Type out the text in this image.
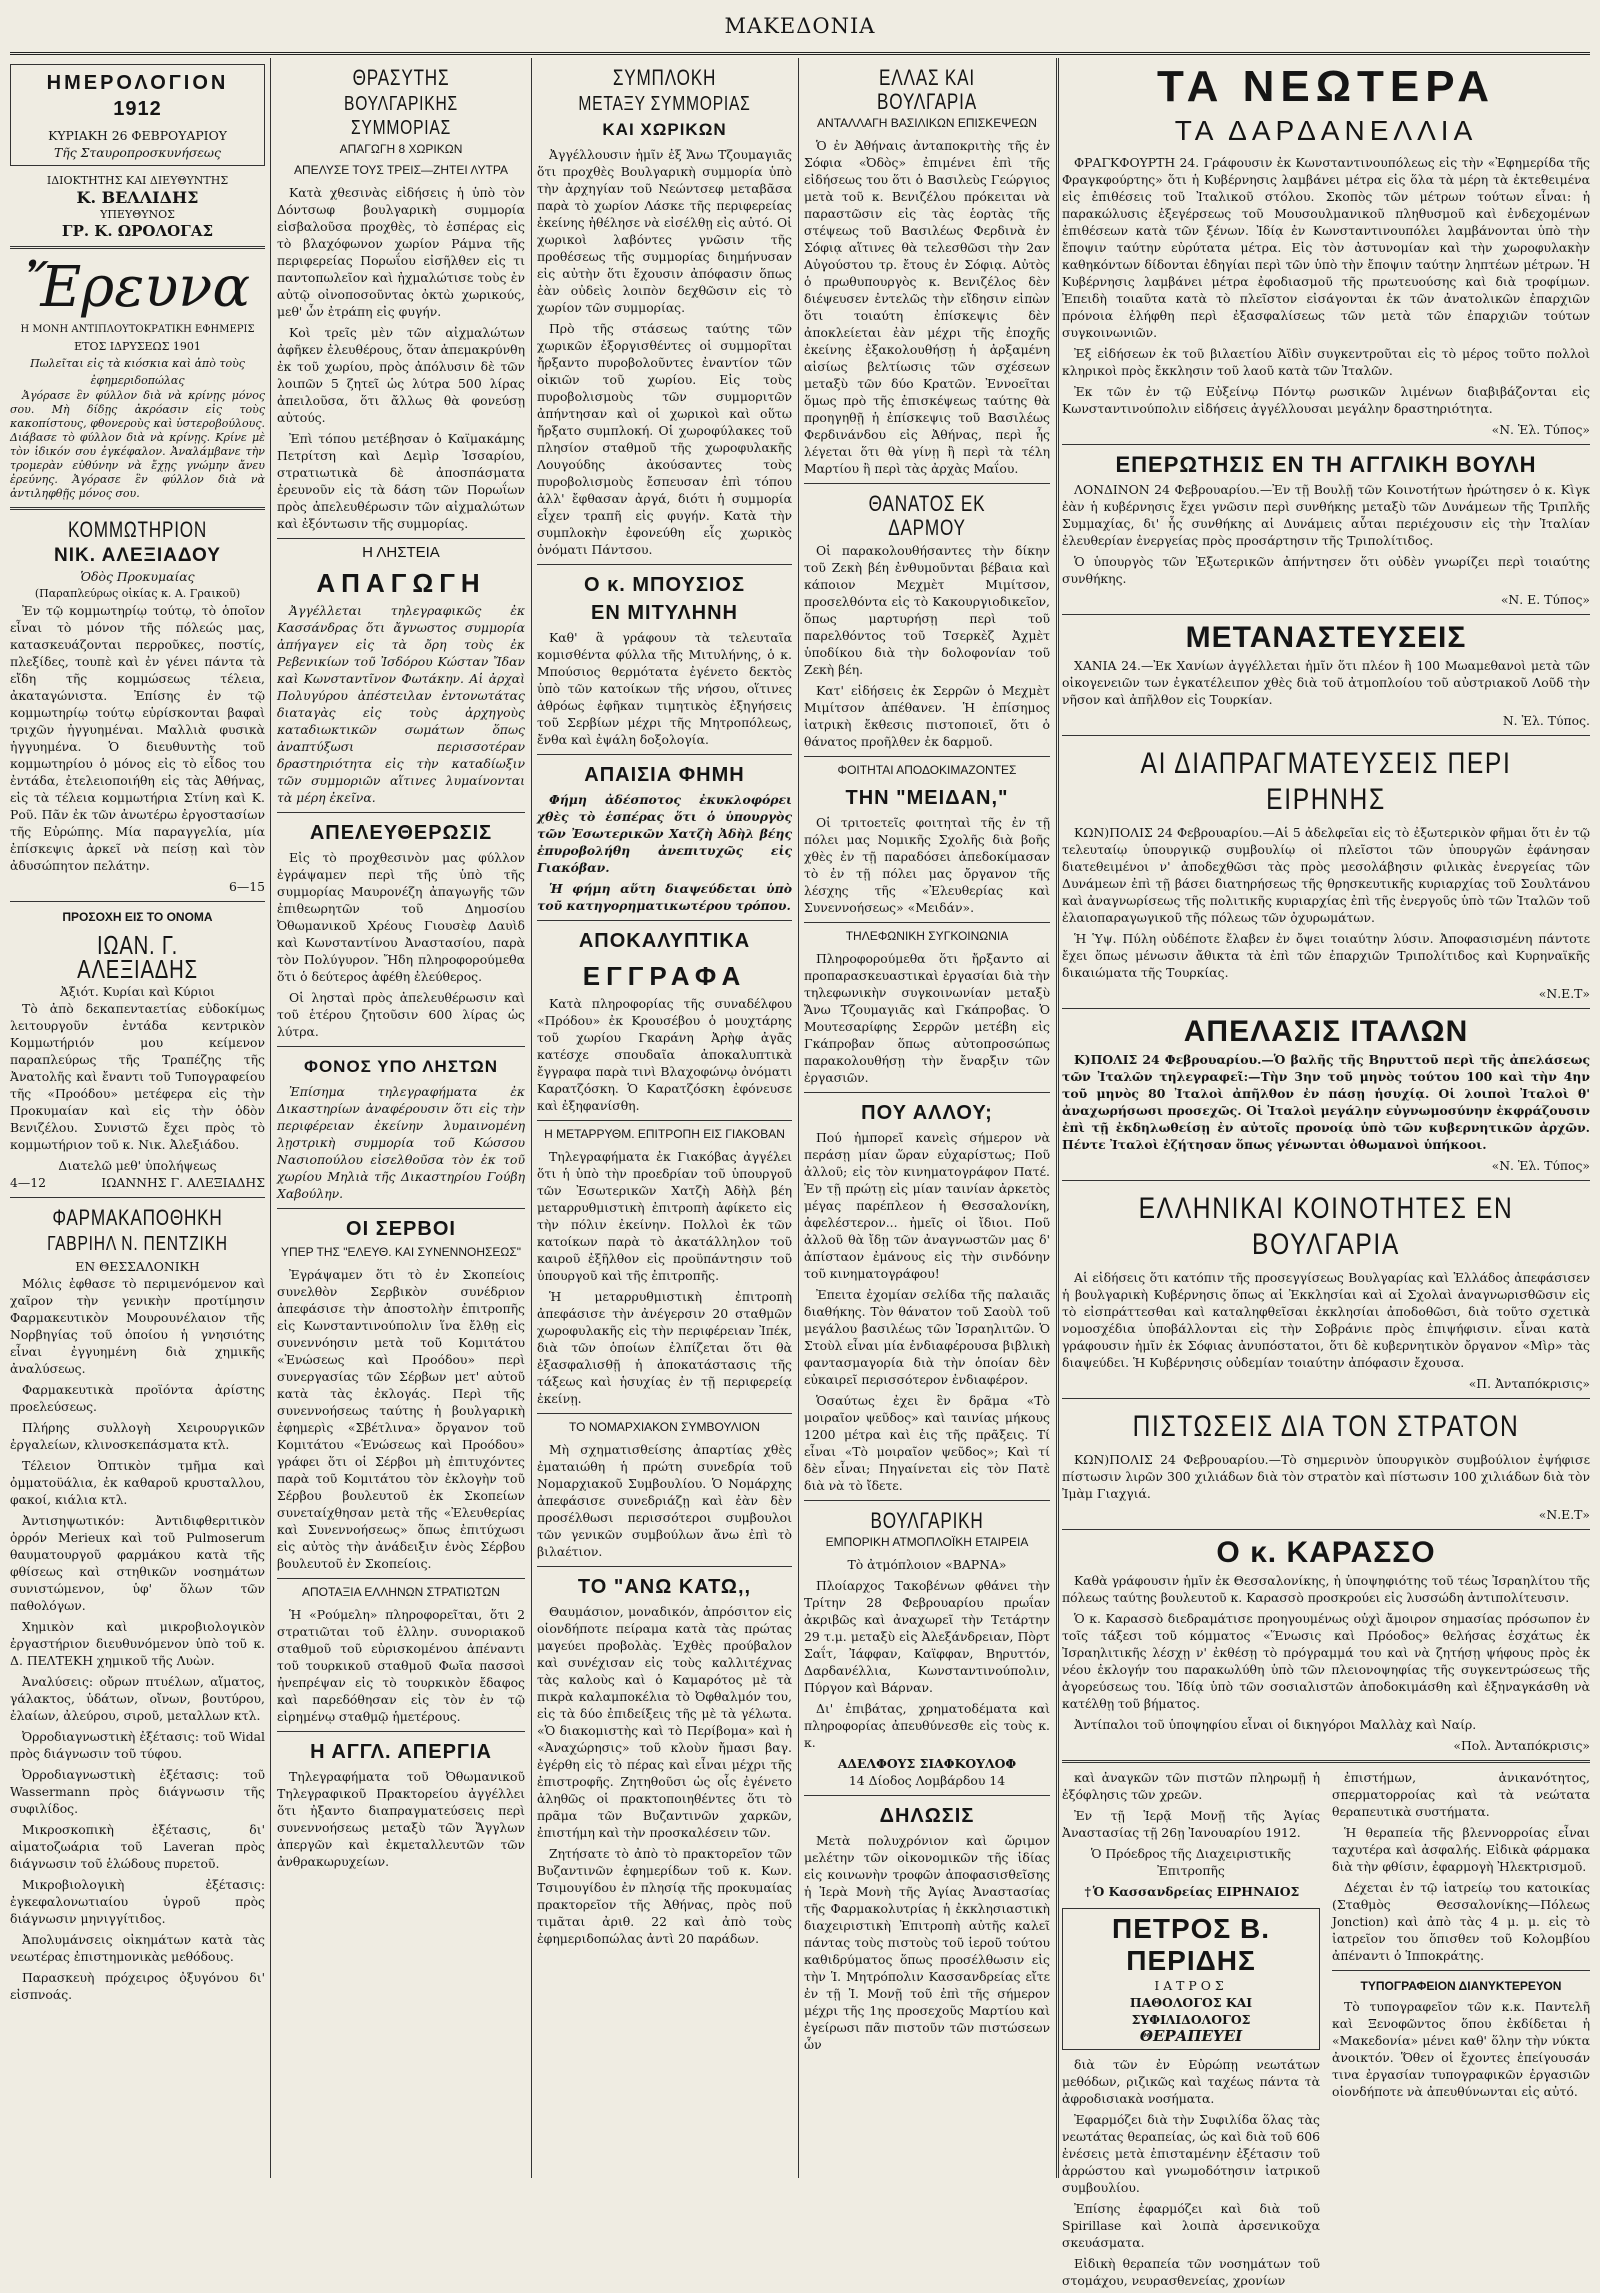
ΜΑΚΕΔΟΝΙΑ
ΗΜΕΡΟΛΟΓΙΟΝ
1912
ΚΥΡΙΑΚΗ 26 ΦΕΒΡΟΥΑΡΙΟΥ
Τῆς Σταυροπροσκυνήσεως
ΙΔΙΟΚΤΗΤΗΣ ΚΑΙ ΔΙΕΥΘΥΝΤΗΣ
Κ. ΒΕΛΛΙΔΗΣ
ΥΠΕΥΘΥΝΟΣ
ΓΡ. Κ. ΩΡΟΛΟΓΑΣ
Ἔρευνα
Η ΜΟΝΗ ΑΝΤΙΠΛΟΥΤΟΚΡΑΤΙΚΗ ΕΦΗΜΕΡΙΣ
ΕΤΟΣ ΙΔΡΥΣΕΩΣ 1901
Πωλεῖται εἰς τὰ κιόσκια καὶ ἀπὸ τοὺς ἐφημεριδοπώλας

Ἀγόρασε ἓν φύλλον διὰ νὰ κρίνῃς μόνος σου. Μὴ δίδῃς ἀκρόασιν εἰς τοὺς κακοπίστους, φθονεροὺς καὶ ὑστεροβούλους. Διάβασε τὸ φύλλον διὰ νὰ κρίνῃς. Κρίνε μὲ τὸν ἰδικόν σου ἐγκέφαλον. Ἀναλάμβανε τὴν τρομερὰν εὐθύνην νὰ ἔχῃς γνώμην ἄνευ ἐρεύνης. Ἀγόρασε ἓν φύλλον διὰ νὰ ἀντιληφθῇς μόνος σου.

ΚΟΜΜΩΤΗΡΙΟΝ
ΝΙΚ. ΑΛΕΞΙΑΔΟΥ
Ὁδὸς Προκυμαίας
(Παραπλεύρως οἰκίας κ. Α. Γραικοῦ)

Ἐν τῷ κομμωτηρίῳ τούτῳ, τὸ ὁποῖον εἶναι τὸ μόνον τῆς πόλεώς μας, κατασκευάζονται περροῦκες, ποστίς, πλεξίδες, τουπὲ καὶ ἐν γένει πάντα τὰ εἴδη τῆς κομμώσεως τέλεια, ἀκαταγώνιστα. Ἐπίσης ἐν τῷ κομμωτηρίῳ τούτῳ εὑρίσκονται βαφαὶ τριχῶν ἠγγυημέναι. Μαλλιὰ φυσικὰ ἠγγυημένα. Ὁ διευθυντὴς τοῦ κομμωτηρίου ὁ μόνος εἰς τὸ εἶδος του ἐντάδα, ἐτελειοποιήθη εἰς τὰς Ἀθήνας, εἰς τὰ τέλεια κομμωτήρια Στίνη καὶ Κ. Ροῦ. Πᾶν ἐκ τῶν ἀνωτέρω ἐργοστασίων τῆς Εὐρώπης. Μία παραγγελία, μία ἐπίσκεψις ἀρκεῖ νὰ πείσῃ καὶ τὸν ἀδυσώπητον πελάτην.

6—15
ΠΡΟΣΟΧΗ ΕΙΣ ΤΟ ΟΝΟΜΑ
ΙΩΑΝ. Γ. ΑΛΕΞΙΑΔΗΣ
Ἀξιότ. Κυρίαι καὶ Κύριοι

Τὸ ἀπὸ δεκαπενταετίας εὐδοκίμως λειτουργοῦν ἐντάδα κεντρικὸν Κομμωτήριόν μου κείμενον παραπλεύρως τῆς Τραπέζης τῆς Ἀνατολῆς καὶ ἔναντι τοῦ Τυπογραφείου τῆς «Προόδου» μετέφερα εἰς τὴν Προκυμαίαν καὶ εἰς τὴν ὁδὸν Βενιζέλου. Συνιστῶ ἔχει πρὸς τὸ κομμωτήριον τοῦ κ. Νικ. Ἀλεξιάδου.

Διατελῶ μεθ' ὑπολήψεως
4—12	ΙΩΑΝΝΗΣ Γ. ΑΛΕΞΙΑΔΗΣ
ΦΑΡΜΑΚΑΠΟΘΗΚΗ
ΓΑΒΡΙΗΛ Ν. ΠΕΝΤΖΙΚΗ
ΕΝ ΘΕΣΣΑΛΟΝΙΚΗ

Μόλις ἐφθασε τὸ περιμενόμενον καὶ χαῖρον τὴν γενικὴν προτίμησιν Φαρμακευτικὸν Μουρουνέλαιον τῆς Νορβηγίας τοῦ ὁποίου ἡ γνησιότης εἶναι ἐγγυημένη διὰ χημικῆς ἀναλύσεως.

Φαρμακευτικὰ προϊόντα ἀρίστης προελεύσεως.

Πλήρης συλλογὴ Χειρουργικῶν ἐργαλείων, κλινοσκεπάσματα κτλ.

Τέλειον Ὀπτικὸν τμῆμα καὶ ὀμματοϋάλια, ἐκ καθαροῦ κρυσταλλου, φακοί, κιάλια κτλ.

Ἀντισηψωτικόν: Ἀντιδιφθεριτικὸν ὀρρόν Merieux καὶ τοῦ Pulmoserum θαυματουργοῦ φαρμάκου κατὰ τῆς φθίσεως καὶ στηθικῶν νοσημάτων συνιστώμενον, ὑφ' ὅλων τῶν παθολόγων.

Χημικὸν καὶ μικροβιολογικὸν ἐργαστήριον διευθυνόμενον ὑπὸ τοῦ κ. Δ. ΠΕΛΤΕΚΗ χημικοῦ τῆς Λυὼν.

Ἀναλύσεις: οὔρων πτυέλων, αἵματος, γάλακτος, ὑδάτων, οἴνων, βουτύρου, ἐλαίων, ἀλεύρου, σιροῦ, μεταλλων κτλ.

Ὀρροδιαγνωστικὴ ἐξέτασις: τοῦ Widal πρὸς διάγνωσιν τοῦ τύφου.

Ὀρροδιαγνωστικὴ ἐξέτασις: τοῦ Wassermann πρὸς διάγνωσιν τῆς συφιλίδος.

Μικροσκοπικὴ ἐξέτασις, δι' αἱματοζωάρια τοῦ Laveran πρὸς διάγνωσιν τοῦ ἑλώδους πυρετοῦ.

Μικροβιολογικὴ ἐξέτασις: ἐγκεφαλονωτιαίου ὑγροῦ πρὸς διάγνωσιν μηνιγγίτιδος.

Ἀπολυμάνσεις οἰκημάτων κατὰ τὰς νεωτέρας ἐπιστημονικὰς μεθόδους.

Παρασκευὴ πρόχειρος ὀξυγόνου δι' εἰσπνοάς.

ΘΡΑΣΥΤΗΣ
ΒΟΥΛΓΑΡΙΚΗΣ ΣΥΜΜΟΡΙΑΣ
ΑΠΑΓΩΓΗ 8 ΧΩΡΙΚΩΝ
ΑΠΕΛΥΣΕ ΤΟΥΣ ΤΡΕΙΣ—ΖΗΤΕΙ ΛΥΤΡΑ

Κατὰ χθεσινὰς εἰδήσεις ἡ ὑπὸ τὸν Δόντσωφ βουλγαρικὴ συμμορία εἰσβαλοῦσα προχθὲς, τὸ ἑσπέρας εἰς τὸ βλαχόφωνον χωρίον Ράμνα τῆς περιφερείας Πορωΐου εἰσῆλθεν εἰς τι παντοπωλεῖον καὶ ἠχμαλώτισε τοὺς ἐν αὐτῷ οἰνοποσοῦντας ὀκτὼ χωρικούς, μεθ' ὧν ἐτράπη εἰς φυγήν.

Κοὶ τρεῖς μὲν τῶν αἰχμαλώτων ἀφῆκεν ἐλευθέρους, ὅταν ἀπεμακρύνθη ἐκ τοῦ χωρίου, πρὸς ἀπόλυσιν δὲ τῶν λοιπῶν 5 ζητεῖ ὡς λύτρα 500 λίρας ἀπειλοῦσα, ὅτι ἄλλως θὰ φονεύσῃ αὐτούς.

Ἐπὶ τόπου μετέβησαν ὁ Καϊμακάμης Πετρίτση καὶ Δεμὶρ Ἰσσαρίου, στρατιωτικὰ δὲ ἀποσπάσματα ἐρευνοῦν εἰς τὰ δάση τῶν Πορωΐων πρὸς ἀπελευθέρωσιν τῶν αἰχμαλώτων καὶ ἐξόντωσιν τῆς συμμορίας.

Η ΛΗΣΤΕΙΑ
ΑΠΑΓΩΓΗ

Ἀγγέλλεται τηλεγραφικῶς ἐκ Κασσάνδρας ὅτι ἄγνωστος συμμορία ἀπήγαγεν εἰς τὰ ὄρη τοὺς ἐκ Ρεβενικίων τοῦ Ἰσδόρου Κώσταν Ἴδαν καὶ Κωνσταντῖνον Φωτάκην. Αἱ ἀρχαὶ Πολυγύρου ἀπέστειλαν ἐντονωτάτας διαταγὰς εἰς τοὺς ἀρχηγοὺς καταδιωκτικῶν σωμάτων ὅπως ἀναπτύξωσι περισσοτέραν δραστηριότητα εἰς τὴν καταδίωξιν τῶν συμμοριῶν αἵτινες λυμαίνονται τὰ μέρη ἐκεῖνα.

ΑΠΕΛΕΥΘΕΡΩΣΙΣ

Εἰς τὸ προχθεσινὸν μας φύλλον ἐγράψαμεν περὶ τῆς ὑπὸ τῆς συμμορίας Μαυρονέζη ἀπαγωγῆς τῶν ἐπιθεωρητῶν τοῦ Δημοσίου Ὀθωμανικοῦ Χρέους Γιουσὲφ Δαυὶδ καὶ Κωνσταντίνου Ἀναστασίου, παρὰ τὸν Πολύγυρον. Ἤδη πληροφορούμεθα ὅτι ὁ δεύτερος ἀφέθη ἐλεύθερος.

Οἱ λησταὶ πρὸς ἀπελευθέρωσιν καὶ τοῦ ἑτέρου ζητοῦσιν 600 λίρας ὡς λύτρα.

ΦΟΝΟΣ ΥΠΟ ΛΗΣΤΩΝ

Ἐπίσημα τηλεγραφήματα ἐκ Δικαστηρίων ἀναφέρουσιν ὅτι εἰς τὴν περιφέρειαν ἐκείνην λυμαινομένη λῃστρικὴ συμμορία τοῦ Κώσσου Νασιοπούλου εἰσελθοῦσα τὸν ἐκ τοῦ χωρίου Μηλιὰ τῆς Δικαστηρίου Γούβη Χαβούλην.

ΟΙ ΣΕΡΒΟΙ
ΥΠΕΡ ΤΗΣ "ΕΛΕΥΘ. ΚΑΙ ΣΥΝΕΝΝΟΗΣΕΩΣ"

Ἐγράψαμεν ὅτι τὸ ἐν Σκοπείοις συνελθὸν Σερβικὸν συνέδριον ἀπεφάσισε τὴν ἀποστολὴν ἐπιτροπῆς εἰς Κωνσταντινούπολιν ἵνα ἔλθῃ εἰς συνεννόησιν μετὰ τοῦ Κομιτάτου «Ἑνώσεως καὶ Προόδου» περὶ συνεργασίας τῶν Σέρβων μετ' αὐτοῦ κατὰ τὰς ἐκλογάς. Περὶ τῆς συνεννοήσεως ταύτης ἡ βουλγαρικὴ ἐφημερὶς «Σβέτλινα» ὄργανον τοῦ Κομιτάτου «Ἑνώσεως καὶ Προόδου» γράφει ὅτι οἱ Σέρβοι μὴ ἐπιτυχόντες παρὰ τοῦ Κομιτάτου τὸν ἐκλογὴν τοῦ Σέρβου βουλευτοῦ ἐκ Σκοπείων συνεταίχθησαν μετὰ τῆς «Ἐλευθερίας καὶ Συνεννοήσεως» ὅπως ἐπιτύχωσι εἰς αὐτὸς τὴν ἀνάδειξιν ἑνὸς Σέρβου βουλευτοῦ ἐν Σκοπείοις.

ΑΠΟΤΑΞΙΑ ΕΛΛΗΝΩΝ ΣΤΡΑΤΙΩΤΩΝ

Ἡ «Ρούμελη» πληροφορεῖται, ὅτι 2 στρατιῶται τοῦ ἑλλην. συνοριακοῦ σταθμοῦ τοῦ εὐρισκομένου ἀπέναντι τοῦ τουρκικοῦ σταθμοῦ Φωῖα πασσοὶ ἠνεπρέψαν εἰς τὸ τουρκικὸν ἔδαφος καὶ παρεδόθησαν εἰς τὸν ἐν τῷ εἰρημένῳ σταθμῷ ἡμετέρους.

Η ΑΓΓΛ. ΑΠΕΡΓΙΑ

Τηλεγραφήματα τοῦ Ὀθωμανικοῦ Τηλεγραφικοῦ Πρακτορείου ἀγγέλλει ὅτι ἠξαντο διαπραγματεύσεις περὶ συνεννοήσεως μεταξὺ τῶν Ἄγγλων ἀπεργῶν καὶ ἐκμεταλλευτῶν τῶν ἀνθρακωρυχείων.

ΣΥΜΠΛΟΚΗ
ΜΕΤΑΞΥ ΣΥΜΜΟΡΙΑΣ
ΚΑΙ ΧΩΡΙΚΩΝ

Ἀγγέλλουσιν ἡμῖν ἐξ Ἄνω Τζουμαγιᾶς ὅτι προχθὲς Βουλγαρικὴ συμμορία ὑπὸ τὴν ἀρχηγίαν τοῦ Νεώντσεφ μεταβᾶσα παρὰ τὸ χωρίον Λάσκε τῆς περιφερείας ἐκείνης ἠθέλησε νὰ εἰσέλθῃ εἰς αὐτό. Οἱ χωρικοὶ λαβόντες γνῶσιν τῆς προθέσεως τῆς συμμορίας διημήνυσαν εἰς αὐτὴν ὅτι ἔχουσιν ἀπόφασιν ὅπως ἐὰν οὐδεὶς λοιπὸν δεχθῶσιν εἰς τὸ χωρίον τῶν συμμορίας.

Πρὸ τῆς στάσεως ταύτης τῶν χωρικῶν ἐξοργισθέντες οἱ συμμορῖται ἤρξαντο πυροβολοῦντες ἐναντίον τῶν οἰκιῶν τοῦ χωρίου. Εἰς τοὺς πυροβολισμοὺς τῶν συμμοριτῶν ἀπήντησαν καὶ οἱ χωρικοὶ καὶ οὕτω ἤρξατο συμπλοκή. Οἱ χωροφύλακες τοῦ πλησίον σταθμοῦ τῆς χωροφυλακῆς Λουγούδης ἀκούσαντες τοὺς πυροβολισμοὺς ἔσπευσαν ἐπὶ τόπου ἀλλ' ἔφθασαν ἀργά, διότι ἡ συμμορία εἶχεν τραπῆ εἰς φυγήν. Κατὰ τὴν συμπλοκὴν ἐφονεύθη εἷς χωρικὸς ὀνόματι Πάντσου.

Ο κ. ΜΠΟΥΣΙΟΣ
ΕΝ ΜΙΤΥΛΗΝΗ

Καθ' ἃ γράφουν τὰ τελευταῖα κομισθέντα φύλλα τῆς Μιτυλήνης, ὁ κ. Μπούσιος θερμότατα ἐγένετο δεκτὸς ὑπὸ τῶν κατοίκων τῆς νήσου, οἵτινες ἀθρόως ἐφῆκαν τιμητικὸς ἐξηγήσεις τοῦ Σερβίων μέχρι τῆς Μητροπόλεως, ἔνθα καὶ ἐψάλη δοξολογία.

ΑΠΑΙΣΙΑ ΦΗΜΗ

Φήμη ἀδέσποτος ἐκυκλοφόρει χθὲς τὸ ἑσπέρας ὅτι ὁ ὑπουργὸς τῶν Ἐσωτερικῶν Χατζὴ Ἀδὴλ βέης ἐπυροβολήθη ἀνεπιτυχῶς εἰς Γιακόβαν.

Ἡ φήμη αὕτη διαψεύδεται ὑπὸ τοῦ κατηγορηματικωτέρου τρόπου.

ΑΠΟΚΑΛΥΠΤΙΚΑ
ΕΓΓΡΑΦΑ

Κατὰ πληροφορίας τῆς συναδέλφου «Πρόδου» ἐκ Κρουσέβου ὁ μουχτάρης τοῦ χωρίου Γκαράνη Ἀρὴφ ἀγᾶς κατέσχε σπουδαῖα ἀποκαλυπτικὰ ἔγγραφα παρὰ τινὶ Βλαχοφώνῳ ὀνόματι Καρατζόσκη. Ὁ Καρατζόσκη ἐφόνευσε καὶ ἐξηφανίσθη.

Η ΜΕΤΑΡΡΥΘΜ. ΕΠΙΤΡΟΠΗ ΕΙΣ ΓΙΑΚΟΒΑΝ

Τηλεγραφήματα ἐκ Γιακόβας ἀγγέλει ὅτι ἡ ὑπὸ τὴν προεδρίαν τοῦ ὑπουργοῦ τῶν Ἐσωτερικῶν Χατζὴ Ἀδὴλ βέη μεταρρυθμιστικὴ ἐπιτροπὴ ἀφίκετο εἰς τὴν πόλιν ἐκείνην. Πολλοὶ ἐκ τῶν κατοίκων παρὰ τὸ ἀκατάλληλον τοῦ καιροῦ ἐξῆλθον εἰς προϋπάντησιν τοῦ ὑπουργοῦ καὶ τῆς ἐπιτροπῆς.

Ἡ μεταρρυθμιστικὴ ἐπιτροπὴ ἀπεφάσισε τὴν ἀνέγερσιν 20 σταθμῶν χωροφυλακῆς εἰς τὴν περιφέρειαν Ἰπέκ, διὰ τῶν ὁποίων ἐλπίζεται ὅτι θὰ ἐξασφαλισθῇ ἡ ἀποκατάστασις τῆς τάξεως καὶ ἡσυχίας ἐν τῇ περιφερείᾳ ἐκείνῃ.

ΤΟ ΝΟΜΑΡΧΙΑΚΟΝ ΣΥΜΒΟΥΛΙΟΝ

Μὴ σχηματισθείσης ἀπαρτίας χθὲς ἐματαιώθη ἡ πρώτη συνεδρία τοῦ Νομαρχιακοῦ Συμβουλίου. Ὁ Νομάρχης ἀπεφάσισε συνεδριάζῃ καὶ ἐὰν δὲν προσέλθωσι περισσότεροι συμβουλοι τῶν γενικῶν συμβούλων ἄνω ἐπὶ τὸ βιλαέτιον.

ΤΟ "ΑΝΩ ΚΑΤΩ,,

Θαυμάσιον, μοναδικόν, ἀπρόσιτον εἰς οἱονδήποτε πείραμα κατὰ τὰς πρώτας μαγεύει προβολὰς. Ἐχθὲς προύβαλον καὶ συνέχισαν εἰς τοὺς καλλιτέχνας τὰς καλοὺς καὶ ὁ Καμαρότος μὲ τὰ πικρὰ καλαμποκέλια τὸ Ὀφθαλμόν του, εἰς τὰ δύο ἐπιδείξεις τῆς μὲ τὰ γέλωτα. «Ὁ διακομιστὴς καὶ τὸ Περίβομα» καὶ ἡ «Ἀναχώρησις» τοῦ κλοὺν ἤμασι βαγ. ἐγέρθη εἰς τὸ πέρας καὶ εἶναι μέχρι τῆς ἐπιστροφῆς. Ζητηθοῦσι ὡς οἷς ἐγένετο ἀληθῶς οἱ πρακτοποιηθέντες ὅτι τὸ πρᾶμα τῶν Βυζαντινῶν χαρκῶν, ἐπιστήμη καὶ τὴν προσκαλέσειν τῶν.

Ζητήσατε τὸ ἀπὸ τὸ πρακτορεῖον τῶν Βυζαντινῶν ἐφημερίδων τοῦ κ. Κων. Τσιμουγίδου ἐν πλησίᾳ τῆς προκυμαίας πρακτορεῖον τῆς Ἀθήνας, πρὸς ποῦ τιμᾶται ἀριθ. 22 καὶ ἀπὸ τοὺς ἐφημεριδοπώλας ἀντὶ 20 παράδων.

ΕΛΛΑΣ ΚΑΙ ΒΟΥΛΓΑΡΙΑ
ΑΝΤΑΛΛΑΓΗ ΒΑΣΙΛΙΚΩΝ ΕΠΙΣΚΕΨΕΩΝ

Ὁ ἐν Ἀθήναις ἀνταποκριτὴς τῆς ἐν Σόφια «Ὀδὸς» ἐπιμένει ἐπὶ τῆς εἰδήσεως του ὅτι ὁ Βασιλεὺς Γεώργιος μετὰ τοῦ κ. Βενιζέλου πρόκειται νὰ παραστῶσιν εἰς τὰς ἑορτὰς τῆς στέψεως τοῦ Βασιλέως Φερδινὰ ἐν Σόφιᾳ αἵτινες θὰ τελεσθῶσι τὴν 2αν Αὐγούστου τρ. ἔτους ἐν Σόφιᾳ. Αὐτὸς ὁ πρωθυπουργὸς κ. Βενιζέλος δὲν διέψευσεν ἐντελῶς τὴν εἴδησιν εἰπὼν ὅτι τοιαύτη ἐπίσκεψις δὲν ἀποκλείεται ἐὰν μέχρι τῆς ἐποχῆς ἐκείνης ἐξακολουθήσῃ ἡ ἀρξαμένη αἰσίως βελτίωσις τῶν σχέσεων μεταξὺ τῶν δύο Κρατῶν. Ἐννοεῖται ὅμως πρὸ τῆς ἐπισκέψεως ταύτης θὰ προηγηθῇ ἡ ἐπίσκεψις τοῦ Βασιλέως Φερδινάνδου εἰς Ἀθήνας, περὶ ἧς λέγεται ὅτι θὰ γίνῃ ἢ περὶ τὰ τέλη Μαρτίου ἢ περὶ τὰς ἀρχὰς Μαΐου.

ΘΑΝΑΤΟΣ ΕΚ ΔΑΡΜΟΥ

Οἱ παρακολουθήσαντες τὴν δίκην τοῦ Ζεκὴ βέη ἐνθυμοῦνται βέβαια καὶ κάποιον Μεχμὲτ Μιμίτσον, προσελθόντα εἰς τὸ Κακουργιοδικεῖον, ὅπως μαρτυρήσῃ περὶ τοῦ παρελθόντος τοῦ Τσερκὲζ Ἀχμὲτ ὑποδίκου διὰ τὴν δολοφονίαν τοῦ Ζεκὴ βέη.

Κατ' εἰδήσεις ἐκ Σερρῶν ὁ Μεχμὲτ Μιμίτσον ἀπέθανεν. Ἡ ἐπίσημος ἰατρικὴ ἔκθεσις πιστοποιεῖ, ὅτι ὁ θάνατος προῆλθεν ἐκ δαρμοῦ.

ΦΟΙΤΗΤΑΙ ΑΠΟΔΟΚΙΜΑΖΟΝΤΕΣ
ΤΗΝ "ΜΕΙΔΑΝ,"

Οἱ τριτοετεῖς φοιτηταὶ τῆς ἐν τῇ πόλει μας Νομικῆς Σχολῆς διὰ βοῆς χθὲς ἐν τῇ παραδόσει ἀπεδοκίμασαν τὸ ἐν τῇ πόλει μας ὄργανον τῆς λέσχης τῆς «Ἐλευθερίας καὶ Συνεννοήσεως» «Μειδάν».

ΤΗΛΕΦΩΝΙΚΗ ΣΥΓΚΟΙΝΩΝΙΑ

Πληροφορούμεθα ὅτι ἤρξαντο αἱ προπαρασκευαστικαὶ ἐργασίαι διὰ τὴν τηλεφωνικὴν συγκοινωνίαν μεταξὺ Ἄνω Τζουμαγιᾶς καὶ Γκάπροβας. Ὁ Μουτεσαρίφης Σερρῶν μετέβη εἰς Γκάπροβαν ὅπως αὐτοπροσώπως παρακολουθήσῃ τὴν ἔναρξιν τῶν ἐργασιῶν.

ΠΟΥ ΑΛΛΟΥ;

Πού ἠμπορεῖ κανεὶς σήμερον νὰ περάσῃ μίαν ὥραν εὐχαρίστως; Ποῦ ἀλλοῦ; εἰς τὸν κινηματογράφον Πατέ. Ἐν τῇ πρώτῃ εἰς μίαν ταινίαν ἀρκετὸς μέγας παρέπλεον ἡ Θεσσαλονίκη, ἀφελέστερον... ἠμεῖς οἱ ἴδιοι. Ποῦ ἀλλοῦ θὰ ἴδῃ τῶν ἀναγνωστῶν μας δ' ἀπίσταον ἐμάνους εἰς τὴν σινδόνην τοῦ κινηματογράφου!

Ἐπειτα ἐχομίαν σελίδα τῆς παλαιᾶς διαθήκης. Τὸν θάνατον τοῦ Σαοὺλ τοῦ μεγάλου βασιλέως τῶν Ἰσραηλιτῶν. Ὁ Στοὺλ εἶναι μία ἐνδιαφέρουσα βιβλικὴ φαντασμαγορία διὰ τὴν ὁποίαν δὲν εὐκαιρεῖ περισσότερον ἐνδιαφέρον.

Ὁσαύτως ἐχει ἓν δρᾶμα «Τὸ μοιραῖον ψεῦδος» καὶ ταινίας μήκους 1200 μέτρα καὶ ἐις τῆς πρᾶξεις. Τί εἶναι «Τὸ μοιραῖον ψεῦδος»; Καὶ τί δὲν εἶναι; Πηγαίνεται εἰς τὸν Πατὲ διὰ νὰ τὸ ἴδετε.

ΒΟΥΛΓΑΡΙΚΗ
ΕΜΠΟΡΙΚΗ ΑΤΜΟΠΛΟΪΚΗ ΕΤΑΙΡΕΙΑ

Τὸ ἀτμόπλοιον «ΒΑΡΝΑ»

Πλοίαρχος Τακοβένων φθάνει τὴν Τρίτην 28 Φεβρουαρίου πρωΐαν ἀκριβῶς καὶ ἀναχωρεῖ τὴν Τετάρτην 29 τ.μ. μεταξὺ εἰς Ἀλεξάνδρειαν, Πὸρτ Σαΐτ, Ἰάφφαν, Καϊφφαν, Βηρυττόν, Δαρδανέλλια, Κωνσταντινούπολιν, Πύργον καὶ Βάρναν.

Δι' ἐπιβάτας, χρηματοδέματα καὶ πληροφορίας ἀπευθύνεσθε εἰς τοὺς κ. κ.

ΑΔΕΛΦΟΥΣ ΣΙΑΦΚΟΥΛΟΦ
14 Δίοδος Λομβάρδου 14
ΔΗΛΩΣΙΣ

Μετὰ πολυχρόνιον καὶ ὥριμον μελέτην τῶν οἰκονομικῶν τῆς ἱδίας εἰς κοινωνὴν τροφῶν ἀποφασισθεῖσης ἡ Ἱερὰ Μονὴ τῆς Ἀγίας Ἀναστασίας τῆς Φαρμακολυτρίας ἡ ἐκκλησιαστικὴ διαχειριστικὴ Ἐπιτροπὴ αὐτῆς καλεῖ πάντας τοὺς πιστοὺς τοῦ ἱεροῦ τούτου καθιδρύματος ὅπως προσέλθωσιν εἰς τὴν Ἱ. Μητρόπολιν Κασσανδρείας εἴτε ἐν τῇ Ἱ. Μονῇ τοῦ ἐπὶ τῆς σήμερον μέχρι τῆς 1ης προσεχοῦς Μαρτίου καὶ ἐγείρωσι πᾶν πιστοῦν τῶν πιστώσεων ὧν

ΤΑ ΝΕΩΤΕΡΑ
ΤΑ ΔΑΡΔΑΝΕΛΛΙΑ

ΦΡΑΓΚΦΟΥΡΤΗ 24. Γράφουσιν ἐκ Κωνσταντινουπόλεως εἰς τὴν «Ἐφημερίδα τῆς Φραγκφούρτης» ὅτι ἡ Κυβέρνησις λαμβάνει μέτρα εἰς ὅλα τὰ μέρη τὰ ἐκτεθειμένα εἰς ἐπιθέσεις τοῦ Ἰταλικοῦ στόλου. Σκοπὸς τῶν μέτρων τούτων εἶναι: ἡ παρακώλυσις ἐξεγέρσεως τοῦ Μουσουλμανικοῦ πληθυσμοῦ καὶ ἐνδεχομένων ἐπιθέσεων κατὰ τῶν ξένων. Ἰδίᾳ ἐν Κωνσταντινουπόλει λαμβάνονται ὑπὸ τὴν ἔποψιν ταύτην εὐρύτατα μέτρα. Εἰς τὸν ἀστυνομίαν καὶ τὴν χωροφυλακὴν καθηκόντων δίδονται ἐδηγίαι περὶ τῶν ὑπὸ τὴν ἔποψιν ταύτην ληπτέων μέτρων. Ἡ Κυβέρνησις λαμβάνει μέτρα ἐφοδιασμοῦ τῆς πρωτευούσης καὶ διὰ τροφίμων. Ἐπειδὴ τοιαῦτα κατὰ τὸ πλεῖστον εἰσάγονται ἐκ τῶν ἀνατολικῶν ἐπαρχιῶν πρόνοια ἐλήφθη περὶ ἐξασφαλίσεως τῶν μετὰ τῶν ἐπαρχιῶν τούτων συγκοινωνιῶν.

Ἐξ εἰδήσεων ἐκ τοῦ βιλαετίου Ἀϊδὶν συγκεντροῦται εἰς τὸ μέρος τοῦτο πολλοὶ κληρικοὶ πρὸς ἔκκλησιν τοῦ λαοῦ κατὰ τῶν Ἰταλῶν.

Ἐκ τῶν ἐν τῷ Εὐξείνῳ Πόντῳ ρωσικῶν λιμένων διαβιβάζονται εἰς Κωνσταντινούπολιν εἰδήσεις ἀγγέλλουσαι μεγάλην δραστηριότητα.

«Ν. Ἑλ. Τύπος»
ΕΠΕΡΩΤΗΣΙΣ ΕΝ ΤΗ ΑΓΓΛΙΚΗ ΒΟΥΛΗ

ΛΟΝΔΙΝΟΝ 24 Φεβρουαρίου.—Ἐν τῇ Βουλῇ τῶν Κοινοτήτων ἠρώτησεν ὁ κ. Κὶγκ ἐὰν ἡ κυβέρνησις ἔχει γνῶσιν περὶ συνθήκης μεταξὺ τῶν Δυνάμεων τῆς Τριπλῆς Συμμαχίας, δι' ἧς συνθήκης αἱ Δυνάμεις αὗται περιέχουσιν εἰς τὴν Ἰταλίαν ἐλευθερίαν ἐνεργείας πρὸς προσάρτησιν τῆς Τριπολίτιδος.

Ὁ ὑπουργὸς τῶν Ἐξωτερικῶν ἀπήντησεν ὅτι οὐδὲν γνωρίζει περὶ τοιαύτης συνθήκης.

«Ν. Ε. Τύπος»
ΜΕΤΑΝΑΣΤΕΥΣΕΙΣ

ΧΑΝΙΑ 24.—Ἐκ Χανίων ἀγγέλλεται ἡμῖν ὅτι πλέον ἢ 100 Μωαμεθανοὶ μετὰ τῶν οἰκογενειῶν των ἐγκατέλειπον χθὲς διὰ τοῦ ἀτμοπλοίου τοῦ αὐστριακοῦ Λοῦδ τὴν νῆσον καὶ ἀπῆλθον εἰς Τουρκίαν.

Ν. Ἑλ. Τύπος.
ΑΙ ΔΙΑΠΡΑΓΜΑΤΕΥΣΕΙΣ ΠΕΡΙ ΕΙΡΗΝΗΣ

ΚΩΝ)ΠΟΛΙΣ 24 Φεβρουαρίου.—Αἱ 5 ἀδελφεῖαι εἰς τὸ ἐξωτερικὸν φῆμαι ὅτι ἐν τῷ τελευταίῳ ὑπουργικῷ συμβουλίῳ οἱ πλεῖστοι τῶν ὑπουργῶν ἐφάνησαν διατεθειμένοι ν' ἀποδεχθῶσι τὰς πρὸς μεσολάβησιν φιλικὰς ἐνεργείας τῶν Δυνάμεων ἐπὶ τῇ βάσει διατηρήσεως τῆς θρησκευτικῆς κυριαρχίας τοῦ Σουλτάνου καὶ ἀναγνωρίσεως τῆς πολιτικῆς κυριαρχίας ἐπὶ τῆς ἐνεργοῦς ὑπὸ τῶν Ἰταλῶν τοῦ ἐλαιοπαραγωγικοῦ τῆς πόλεως τῶν ὀχυρωμάτων.

Ἡ Ὑψ. Πύλη οὐδέποτε ἔλαβεν ἐν ὄψει τοιαύτην λύσιν. Ἀποφασισμένη πάντοτε ἔχει ὅπως μένωσιν ἄθικτα τὰ ἐπὶ τῶν ἐπαρχιῶν Τριπολίτιδος καὶ Κυρηναϊκῆς δικαιώματα τῆς Τουρκίας.

«Ν.Ε.Τ»
ΑΠΕΛΑΣΙΣ ΙΤΑΛΩΝ

Κ)ΠΟΛΙΣ 24 Φεβρουαρίου.—Ὁ βαλῆς τῆς Βηρυττοῦ περὶ τῆς ἀπελάσεως τῶν Ἰταλῶν τηλεγραφεῖ:—Τὴν 3ην τοῦ μηνὸς τούτου 100 καὶ τὴν 4ην τοῦ μηνὸς 80 Ἰταλοὶ ἀπῆλθον ἐν πάσῃ ἡσυχίᾳ. Οἱ λοιποὶ Ἰταλοὶ θ' ἀναχωρήσωσι προσεχῶς. Οἱ Ἰταλοὶ μεγάλην εὐγνωμοσύνην ἐκφράζουσιν ἐπὶ τῇ ἐκδηλωθείσῃ ἐν αὐτοῖς προνοίᾳ ὑπὸ τῶν κυβερνητικῶν ἀρχῶν. Πέντε Ἰταλοὶ ἐζήτησαν ὅπως γένωνται ὀθωμανοὶ ὑπήκοοι.

«Ν. Ἑλ. Τύπος»
ΕΛΛΗΝΙΚΑΙ ΚΟΙΝΟΤΗΤΕΣ ΕΝ ΒΟΥΛΓΑΡΙΑ

Αἱ εἰδήσεις ὅτι κατόπιν τῆς προσεγγίσεως Βουλγαρίας καὶ Ἑλλάδος ἀπεφάσισεν ἡ βουλγαρικὴ Κυβέρνησις ὅπως αἱ Ἐκκλησίαι καὶ αἱ Σχολαὶ ἀναγνωρισθῶσιν εἰς τὸ εἰσπράττεσθαι καὶ καταληφθεῖσαι ἐκκλησίαι ἀποδοθῶσι, διὰ τοῦτο σχετικὰ νομοσχέδια ὑποβάλλονται εἰς τὴν Σοβράνιε πρὸς ἐπιψήφισιν. εἶναι κατὰ γράφουσιν ἡμῖν ἐκ Σόφιας ἀνυπόστατοι, ὅτι δὲ κυβερνητικὸν ὄργανον «Μὶρ» τὰς διαψεύδει. Ἡ Κυβέρνησις οὐδεμίαν τοιαύτην ἀπόφασιν ἔχουσα.

«Π. Ἀνταπόκρισις»
ΠΙΣΤΩΣΕΙΣ ΔΙΑ ΤΟΝ ΣΤΡΑΤΟΝ

ΚΩΝ)ΠΟΛΙΣ 24 Φεβρουαρίου.—Τὸ σημερινὸν ὑπουργικὸν συμβούλιον ἐψήφισε πίστωσιν λιρῶν 300 χιλιάδων διὰ τὸν στρατὸν καὶ πίστωσιν 100 χιλιάδων διὰ τὸν Ἰμὰμ Γιαχγιά.

«Ν.Ε.Τ»
Ο κ. ΚΑΡΑΣΣΟ

Καθὰ γράφουσιν ἡμῖν ἐκ Θεσσαλονίκης, ἡ ὑποψηφιότης τοῦ τέως Ἰσραηλίτου τῆς πόλεως ταύτης βουλευτοῦ κ. Καρασσὸ προσκρούει εἰς λυσσώδη ἀντιπολίτευσιν.

Ὁ κ. Καρασσὸ διεδραμάτισε προηγουμένως οὐχὶ ἄμοιρον σημασίας πρόσωπον ἐν τοῖς τάξεσι τοῦ κόμματος «Ἕνωσις καὶ Πρόοδος» θελήσας ἐσχάτως ἐκ Ἰσραηλιτικῆς λέσχῃ ν' ἐκθέσῃ τὸ πρόγραμμά του καὶ νὰ ζητήσῃ ψήφους πρὸς ἐκ νέου ἐκλογήν του παρακωλύθη ὑπὸ τῶν πλειονοψηφίας τῆς συγκεντρώσεως τῆς ἀγορεύσεως του. Ἰδίᾳ ὑπὸ τῶν σοσιαλιστῶν ἀποδοκιμάσθη καὶ ἐξηναγκάσθη νὰ κατέλθῃ τοῦ βήματος.

Ἀντίπαλοι τοῦ ὑποψηφίου εἶναι οἱ δικηγόροι Μαλλὰχ καὶ Ναίρ.

«Πολ. Ἀνταπόκρισις»

καὶ ἀναγκῶν τῶν πιστῶν πληρωμῇ ἡ ἐξόφλησις τῶν χρεῶν.

Ἐν τῇ Ἱερᾷ Μονῇ τῆς Ἁγίας Ἀναστασίας τῇ 26ῃ Ἰανουαρίου 1912.

Ὁ Πρόεδρος τῆς Διαχειριστικῆς Ἐπιτροπῆς

† Ὁ Κασσανδρείας ΕΙΡΗΝΑΙΟΣ
ΠΕΤΡΟΣ Β. ΠΕΡΙΔΗΣ
ΙΑΤΡΟΣ
ΠΑΘΟΛΟΓΟΣ ΚΑΙ ΣΥΦΙΛΙΔΟΛΟΓΟΣ
ΘΕΡΑΠΕΥΕΙ

διὰ τῶν ἐν Εὐρώπῃ νεωτάτων μεθόδων, ριζικῶς καὶ ταχέως πάντα τὰ ἀφροδισιακὰ νοσήματα.

Ἐφαρμόζει διὰ τὴν Συφιλίδα ὅλας τὰς νεωτάτας θεραπείας, ὡς καὶ διὰ τοῦ 606 ἐνέσεις μετὰ ἐπισταμένην ἐξέτασιν τοῦ ἀρρώστου καὶ γνωμοδότησιν ἰατρικοῦ συμβουλίου.

Ἐπίσης ἐφαρμόζει καὶ διὰ τοῦ Spirillase καὶ λοιπὰ ἀρσενικοῦχα σκευάσματα.

Εἰδικὴ θεραπεία τῶν νοσημάτων τοῦ στομάχου, νευρασθενείας, χρονίων

ἐπιστήμων, ἀνικανότητος, σπερματορροίας καὶ τὰ νεώτατα θεραπευτικὰ συστήματα.

Ἡ θεραπεία τῆς βλεννορροίας εἶναι ταχυτέρα καὶ ἀσφαλής. Εἰδικὰ φάρμακα διὰ τὴν φθίσιν, ἐφαρμογὴ Ἠλεκτρισμοῦ.

Δέχεται ἐν τῷ ἰατρείῳ του κατοικίας (Σταθμὸς Θεσσαλονίκης—Πόλεως Jonction) καὶ ἀπὸ τὰς 4 μ. μ. εἰς τὸ ἰατρεῖον του ὅπισθεν τοῦ Κολομβίου ἀπέναντι ὁ Ἱπποκράτης.

ΤΥΠΟΓΡΑΦΕΙΟΝ ΔΙΑΝΥΚΤΕΡΕΥΟΝ

Τὸ τυπογραφεῖον τῶν κ.κ. Παντελῆ καὶ Ξενοφῶντος ὅπου ἐκδίδεται ἡ «Μακεδονία» μένει καθ' ὅλην τὴν νύκτα ἀνοικτόν. Ὅθεν οἱ ἔχοντες ἐπείγουσάν τινα ἐργασίαν τυπογραφικῶν ἐργασιῶν οἱονδήποτε νὰ ἀπευθύνωνται εἰς αὐτό.
